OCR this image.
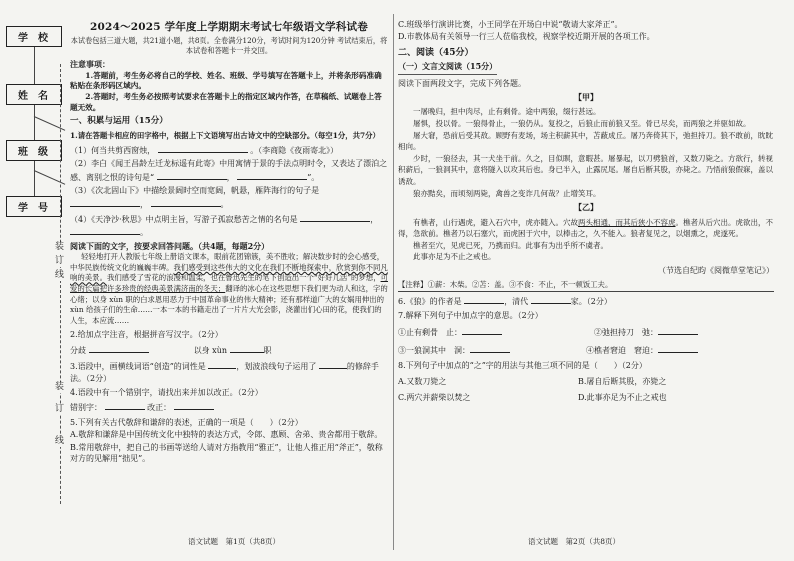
学校
姓名
班级
学号
装
订
线
装
订
线
2024～2025 学年度上学期期末考试七年级语文学科试卷
本试卷包括三道大题，共21道小题，共8页。全卷满分120分，考试时间为120分钟 考试结束后，将本试卷和答题卡一并交回。

注意事项：

1.答题前，考生务必将自己的学校、姓名、班级、学号填写在答题卡上，并将条形码准确粘贴在条形码区域内。

2.答题时，考生务必按照考试要求在答题卡上的指定区域内作答，在草稿纸、试题卷上答题无效。

一、积累与运用（15分）

1.请在答题卡相应的田字格中，根据上下文语境写出古诗文中的空缺部分。（每空1分，共7分）

（1）何当共剪西窗烛，	。（李商隐《夜雨寄北》）

（2）李白《闻王昌龄左迁龙标遥有此寄》中用寓情于景的手法点明时令，又表达了漂泊之感、离别之恨的诗句是“	，	”。

（3）《次北固山下》中描绘景阔时空而宽阔，帆悬，雁阵海行的句子是 ，	。

（4）《天净沙·秋思》中点明主旨，写游子孤寂愁苦之情的名句是	， 。

阅读下面的文字，按要求回答问题。（共4题，每题2分）

轻轻地打开人教版七年级上册语文课本，眼前花团锦簇，美不胜收；解决数步时的会心感受，中华民族传统文化的巍巍丰碑。我们感受到这些伟大的文化在我们不断地探索中，欣赏到你不同凡响的美景。我们感受了雪花的浪漫和温柔，也在鲁迅先生的笔下创造出一个“好好儿活”的梦想，可爱的长篇把许多珍贵的经典美景满济南的冬天；翻译的冰心在这些思想下我们更为动人和这，字的心绪；以身 xùn 职的白求恩用恶力于中国革命事业的伟大精神；还有那样道广大的女娲用伸出的 xùn 给孩子们的生命……一本一本的书籍走出了一片片大光会影，浇灌出们心田的花，使我们的人生，本应流……

2.给加点字注音，根据拼音写汉字。（2分）

分歧	以身 xùn	职

3.语段中，画横线词语“创造”的词性是	，划波浪线句子运用了	的修辞手法。（2分）

4.语段中有一个错别字，请找出来并加以改正。（2分）

错别字：	改正：

5.下列有关古代敬辞和谦辞的表述，正确的一项是（　　）（2分）

A.敬辞和谦辞是中国传统文化中独特的表达方式，令郎、惠顾、舍弟、贵舍都用于敬辞。

B.常用敬辞中，把自己的书画等送给人请对方指教用“雅正”，让他人推正用“斧正”，敬称对方的见解用“拙见”。

语文试题　第1页（共8页）

C.班级举行演讲比赛，小王同学在开场白中说“敬请大家斧正”。

D.市教体局有关领导一行三人莅临我校，视察学校近期开展的各项工作。

二、阅读（45分）

（一）文言文阅读（15分）

阅读下面两段文字，完成下列各题。

【甲】

一屠晚归，担中肉尽，止有剩骨。途中两狼，缀行甚远。

屠惧，投以骨。一狼得骨止，一狼仍从。复投之，后狼止而前狼又至。骨已尽矣，而两狼之并驱如故。

屠大窘，恐前后受其敌。顾野有麦场，场主积薪其中，苫蔽成丘。屠乃奔倚其下，弛担持刀。狼不敢前，眈眈相向。

少时，一狼径去，其一犬坐于前。久之，目似瞑，意暇甚。屠暴起，以刀劈狼首，又数刀毙之。方欲行，转视积薪后，一狼洞其中，意将隧入以攻其后也。身已半入，止露尻尾。屠自后断其股，亦毙之。乃悟前狼假寐，盖以诱敌。

狼亦黠矣，而顷刻两毙，禽兽之变诈几何哉？止增笑耳。

【乙】

有樵者，山行遇虎，避入石穴中，虎亦随入。穴故两头相通，而其后狭小不容虎。樵者从后穴出。虎欲出，不得，急欲前。樵者乃以石塞穴，而虎困于穴中，以棒击之，久不能入。狼者复见之，以烟熏之，虎遂死。

樵者至穴，见虎已死，乃携而归。此事有为出乎所不虞者。

此事亦足为不止之戒也。

（节选自纪昀《阅微草堂笔记》）

【注释】①薪：木柴。②苫：盖。③不食：不止，不一顿饭工夫。

6.《狼》的作者是	，清代	家。（2分）

7.解释下列句子中加点字的意思。（2分）

①止有剩骨　止：	②弛担持刀　弛：
③一狼洞其中　洞：	④樵者窘迫　窘迫：

8.下列句子中加点的“之”字的用法与其他三项不同的是（　　）（2分）

A.又数刀毙之	B.屠自后断其股，亦毙之
C.两穴并薪柴以焚之	D.此事亦足为不止之戒也
语文试题　第2页（共8页）
